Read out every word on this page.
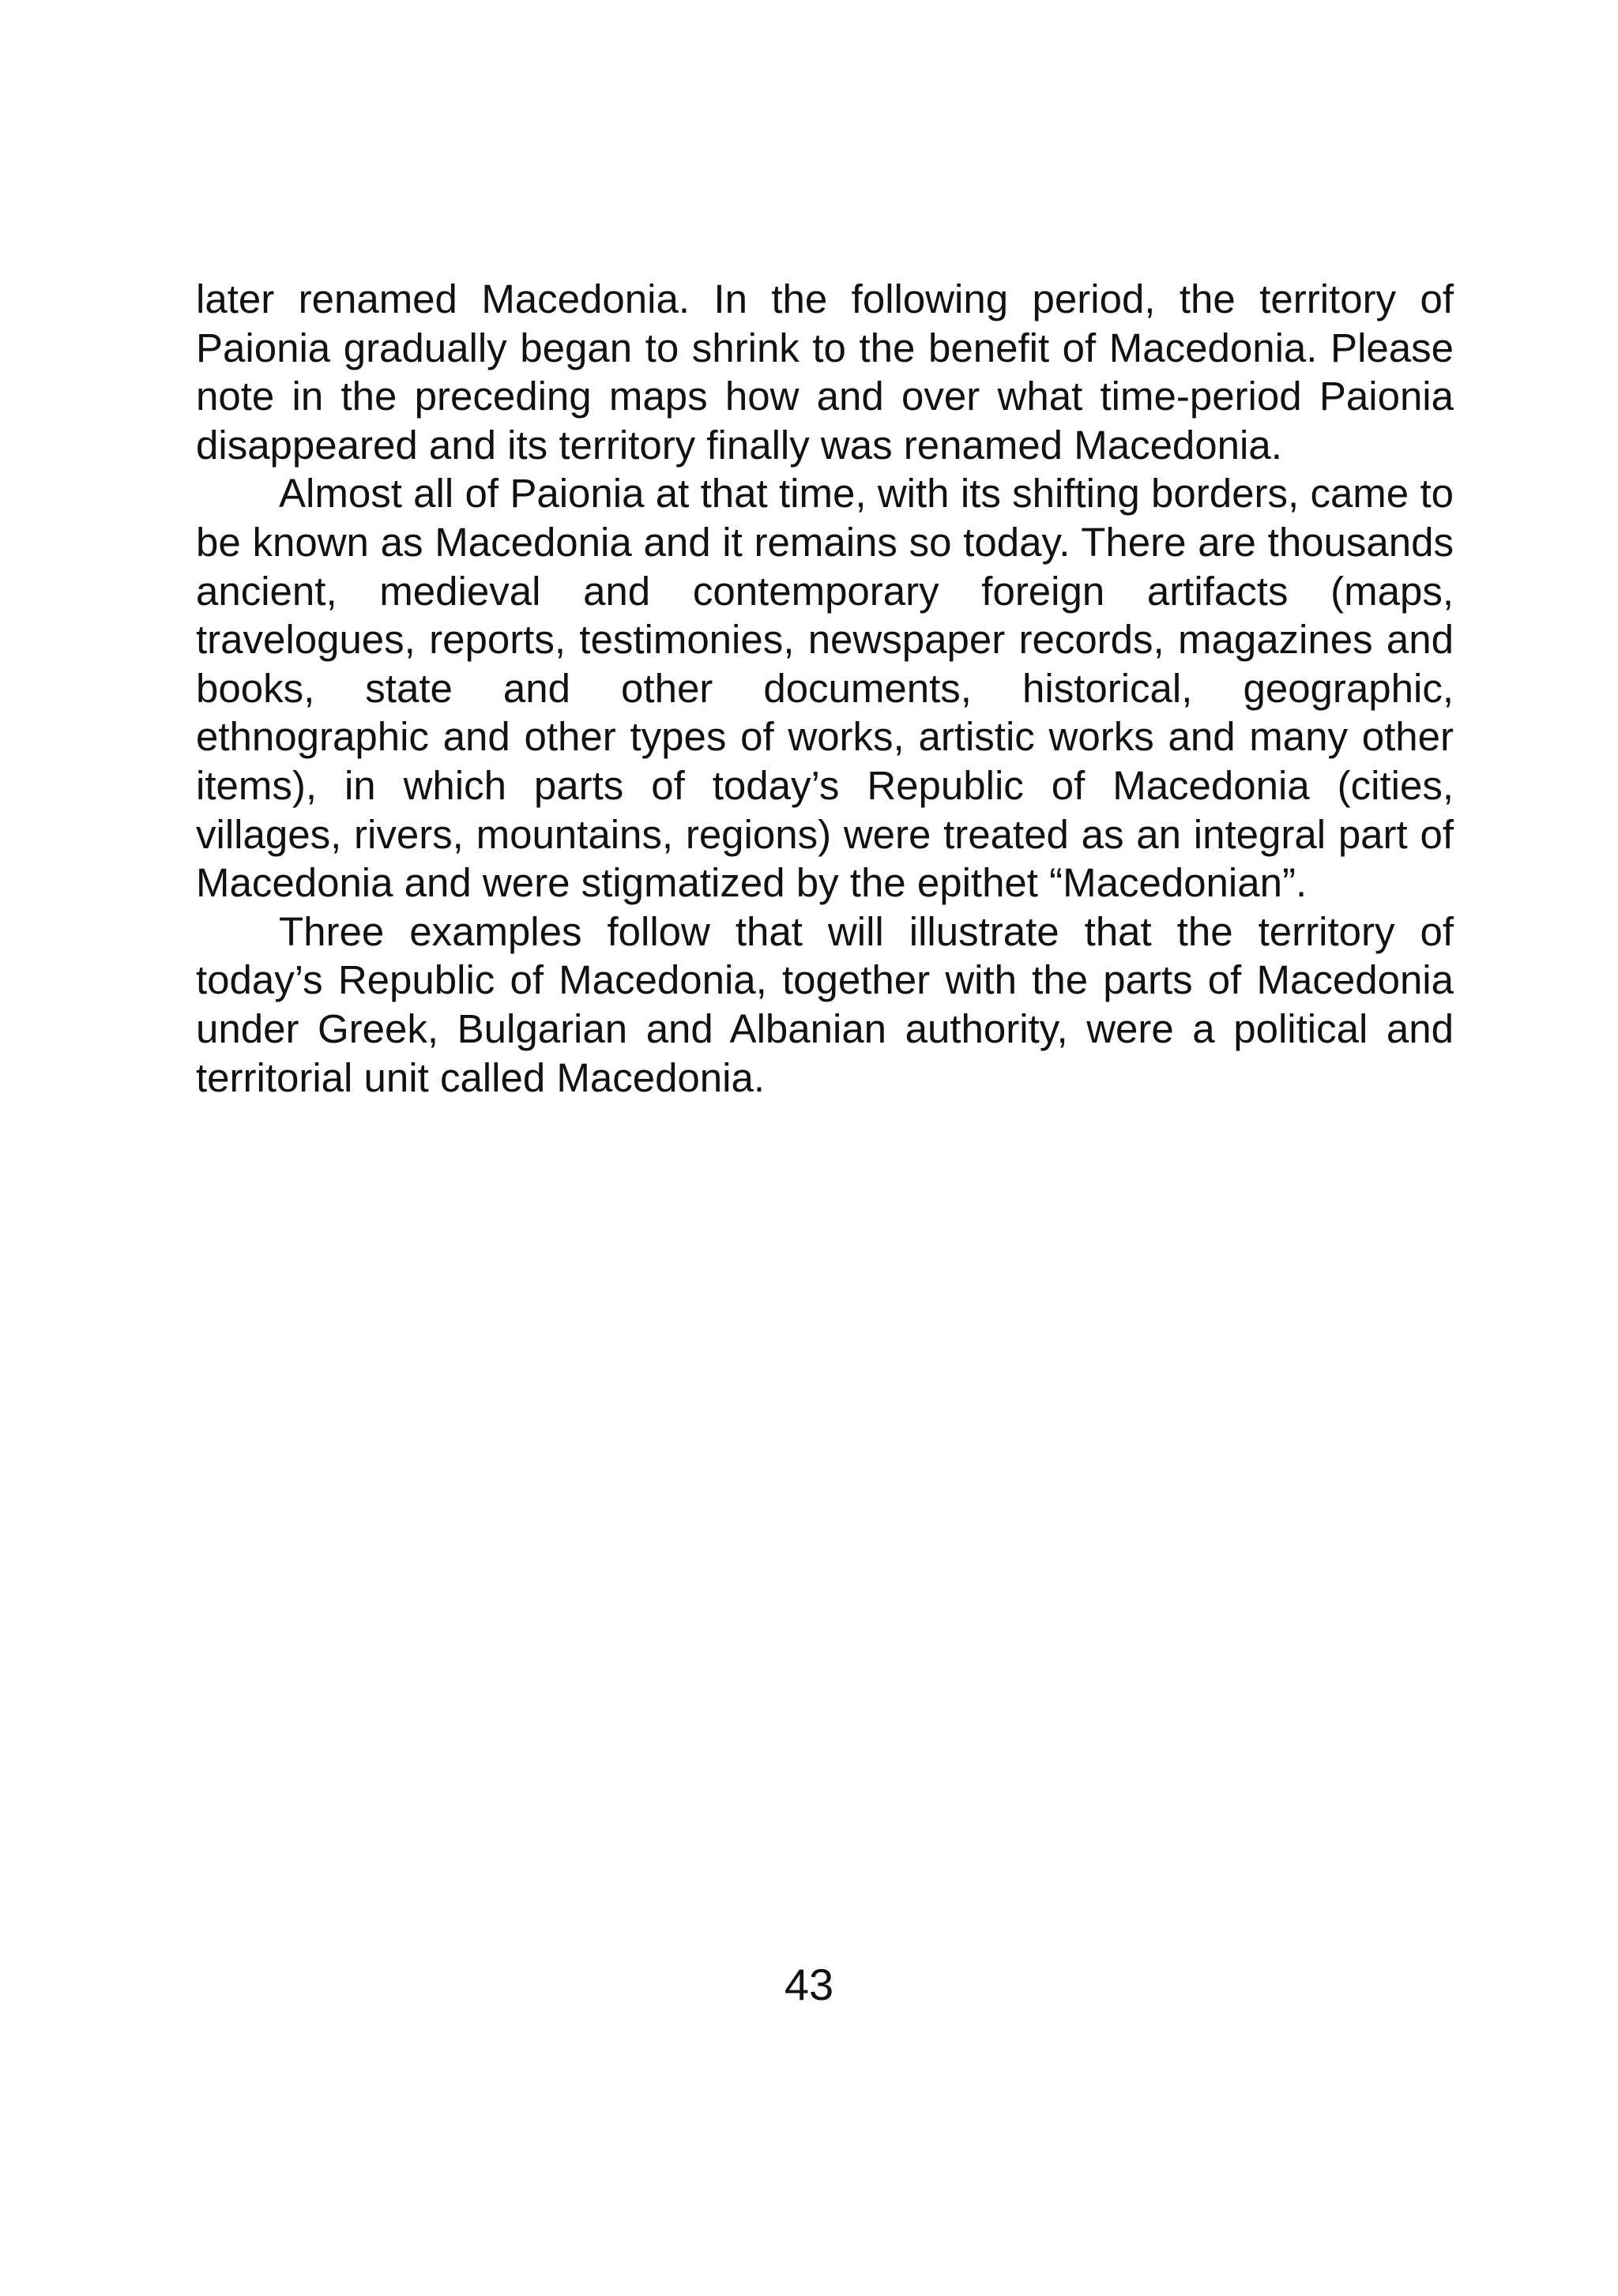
later renamed Macedonia. In the following period, the territory of Paionia gradually began to shrink to the benefit of Macedonia. Please note in the preceding maps how and over what time-period Paionia disappeared and its territory finally was renamed Macedonia.

Almost all of Paionia at that time, with its shifting borders, came to be known as Macedonia and it remains so today. There are thousands ancient, medieval and contemporary foreign artifacts (maps, travelogues, reports, testimonies, newspaper records, magazines and books, state and other documents, historical, geographic, ethnographic and other types of works, artistic works and many other items), in which parts of today’s Republic of Macedonia (cities, villages, rivers, mountains, regions) were treated as an integral part of Macedonia and were stigmatized by the epithet “Macedonian”.

Three examples follow that will illustrate that the territory of today’s Republic of Macedonia, together with the parts of Macedonia under Greek, Bulgarian and Albanian authority, were a political and territorial unit called Macedonia.

43
